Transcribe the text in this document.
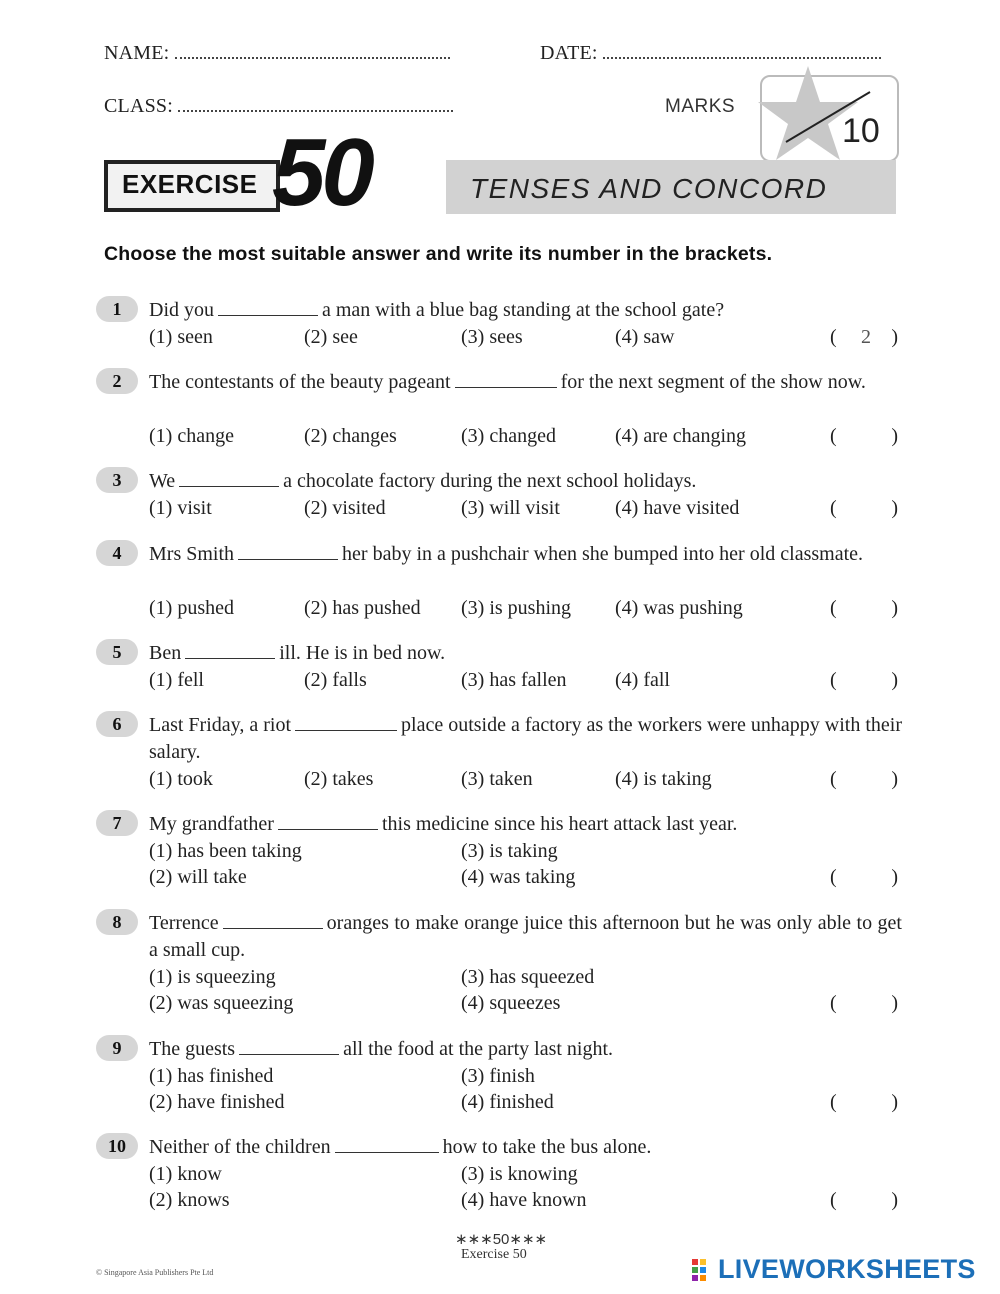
NAME:	DATE:
CLASS:	MARKS
10
EXERCISE 50	TENSES AND CONCORD
Choose the most suitable answer and write its number in the brackets.
1	Did you	a man with a blue bag standing at the school gate?
(1) seen	(2) see	(3) sees	(4) saw	(	2	)
2	The contestants of the beauty pageant	for the next segment of the show now.
(1) change	(2) changes	(3) changed	(4) are changing	(	)
3	We	a chocolate factory during the next school holidays.
(1) visit	(2) visited	(3) will visit	(4) have visited	(	)
4	Mrs Smith	her baby in a pushchair when she bumped into her old classmate.
(1) pushed	(2) has pushed (3) is pushing (4) was pushing	(	)
5	Ben	ill. He is in bed now.
(1) fell	(2) falls	(3) has fallen (4) fall	(	)
6	Last Friday, a riot	place outside a factory as the workers were unhappy with their salary.
(1) took	(2) takes	(3) taken	(4) is taking	(	)
7	My grandfather	this medicine since his heart attack last year.
(1) has been taking	(3) is taking
(2) will take	(4) was taking	(	)
8	Terrence	oranges to make orange juice this afternoon but he was only able to get a small cup.
(1) is squeezing	(3) has squeezed
(2) was squeezing	(4) squeezes	(	)
9	The guests	all the food at the party last night.
(1) has finished	(3) finish
(2) have finished	(4) finished	(	)
10	Neither of the children	how to take the bus alone.
(1) know	(3) is knowing
(2) knows	(4) have known	(	)
∗∗∗50∗∗∗
Exercise 50
© Singapore Asia Publishers Pte Ltd	LIVEWORKSHEETS
